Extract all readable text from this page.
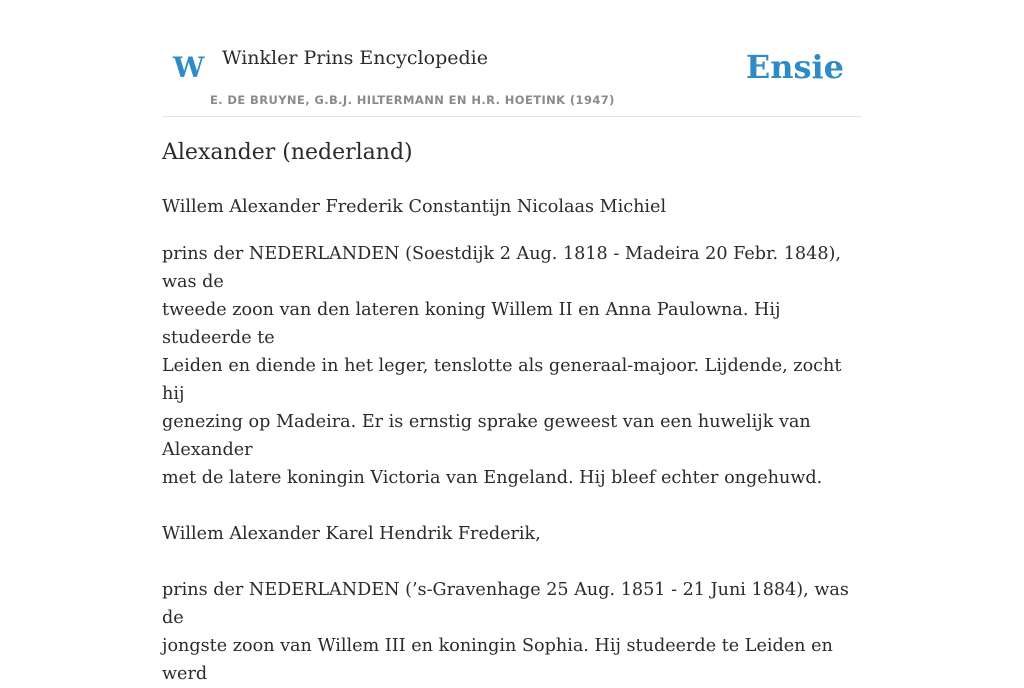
W Winkler Prins Encyclopedie
E. DE BRUYNE, G.B.J. HILTERMANN EN H.R. HOETINK (1947)
Ensie
Alexander (nederland)

Willem Alexander Frederik Constantijn Nicolaas Michiel

prins der NEDERLANDEN (Soestdijk 2 Aug. 1818 - Madeira 20 Febr. 1848), was de
tweede zoon van den lateren koning Willem II en Anna Paulowna. Hij studeerde te
Leiden en diende in het leger, tenslotte als generaal-majoor. Lijdende, zocht hij
genezing op Madeira. Er is ernstig sprake geweest van een huwelijk van Alexander
met de latere koningin Victoria van Engeland. Hij bleef echter ongehuwd.

Willem Alexander Karel Hendrik Frederik,

prins der NEDERLANDEN (’s-Gravenhage 25 Aug. 1851 - 21 Juni 1884), was de
jongste zoon van Willem III en koningin Sophia. Hij studeerde te Leiden en werd
